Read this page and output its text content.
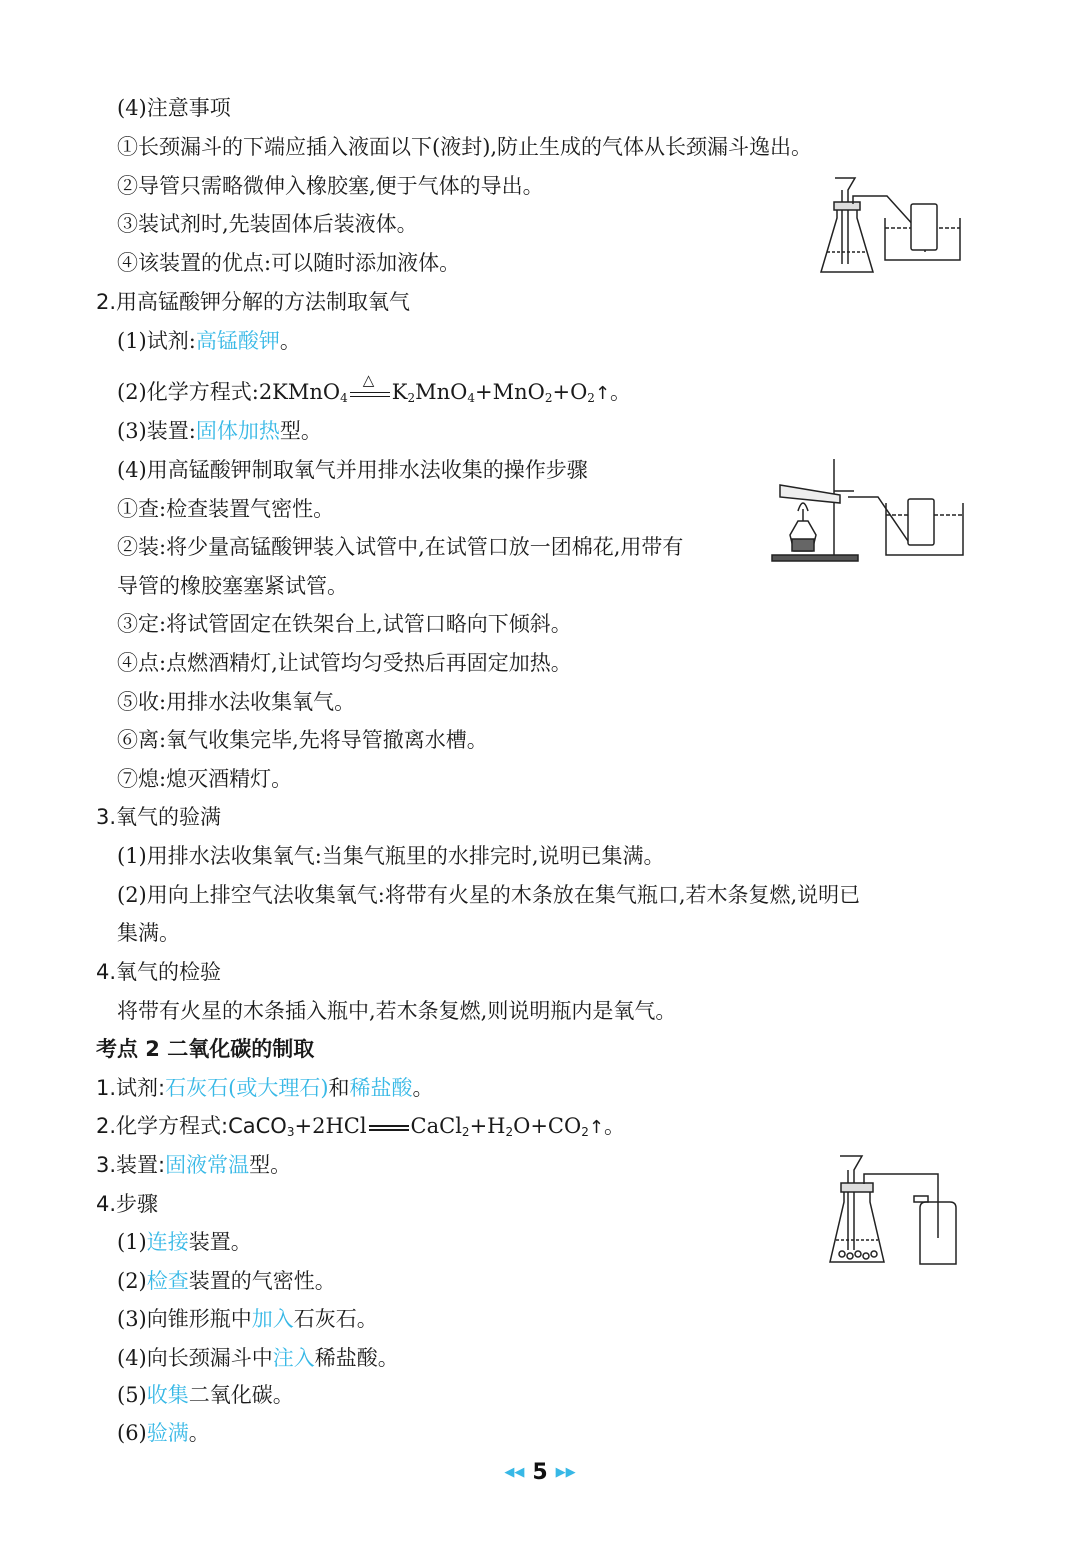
(4)注意事项
①长颈漏斗的下端应插入液面以下(液封),防止生成的气体从长颈漏斗逸出。
②导管只需略微伸入橡胶塞,便于气体的导出。
③装试剂时,先装固体后装液体。
④该装置的优点:可以随时添加液体。
2.用高锰酸钾分解的方法制取氧气
(1)试剂:高锰酸钾。
(2)化学方程式:2KMnO$_4$
△
$K_2MnO_4+MnO_2+O_2↑$。
(3)装置:固体加热型。
(4)用高锰酸钾制取氧气并用排水法收集的操作步骤
①查:检查装置气密性。
②装:将少量高锰酸钾装入试管中,在试管口放一团棉花,用带有
导管的橡胶塞塞紧试管。
③定:将试管固定在铁架台上,试管口略向下倾斜。
④点:点燃酒精灯,让试管均匀受热后再固定加热。
⑤收:用排水法收集氧气。
⑥离:氧气收集完毕,先将导管撤离水槽。
⑦熄:熄灭酒精灯。
3.氧气的验满
(1)用排水法收集氧气:当集气瓶里的水排完时,说明已集满。
(2)用向上排空气法收集氧气:将带有火星的木条放在集气瓶口,若木条复燃,说明已
集满。
4.氧气的检验
将带有火星的木条插入瓶中,若木条复燃,则说明瓶内是氧气。
考点 2 二氧化碳的制取
1.试剂:石灰石(或大理石)和稀盐酸。
2.化学方程式:CaCO$_3$+2HCl $CaCl_2+H_2O+CO_2↑$。
3.装置:固液常温型。
4.步骤
(1)连接装置。
(2)检查装置的气密性。
(3)向锥形瓶中加入石灰石。
(4)向长颈漏斗中注入稀盐酸。
(5)收集二氧化碳。
(6)验满。
◀◀ 5 ▶▶
